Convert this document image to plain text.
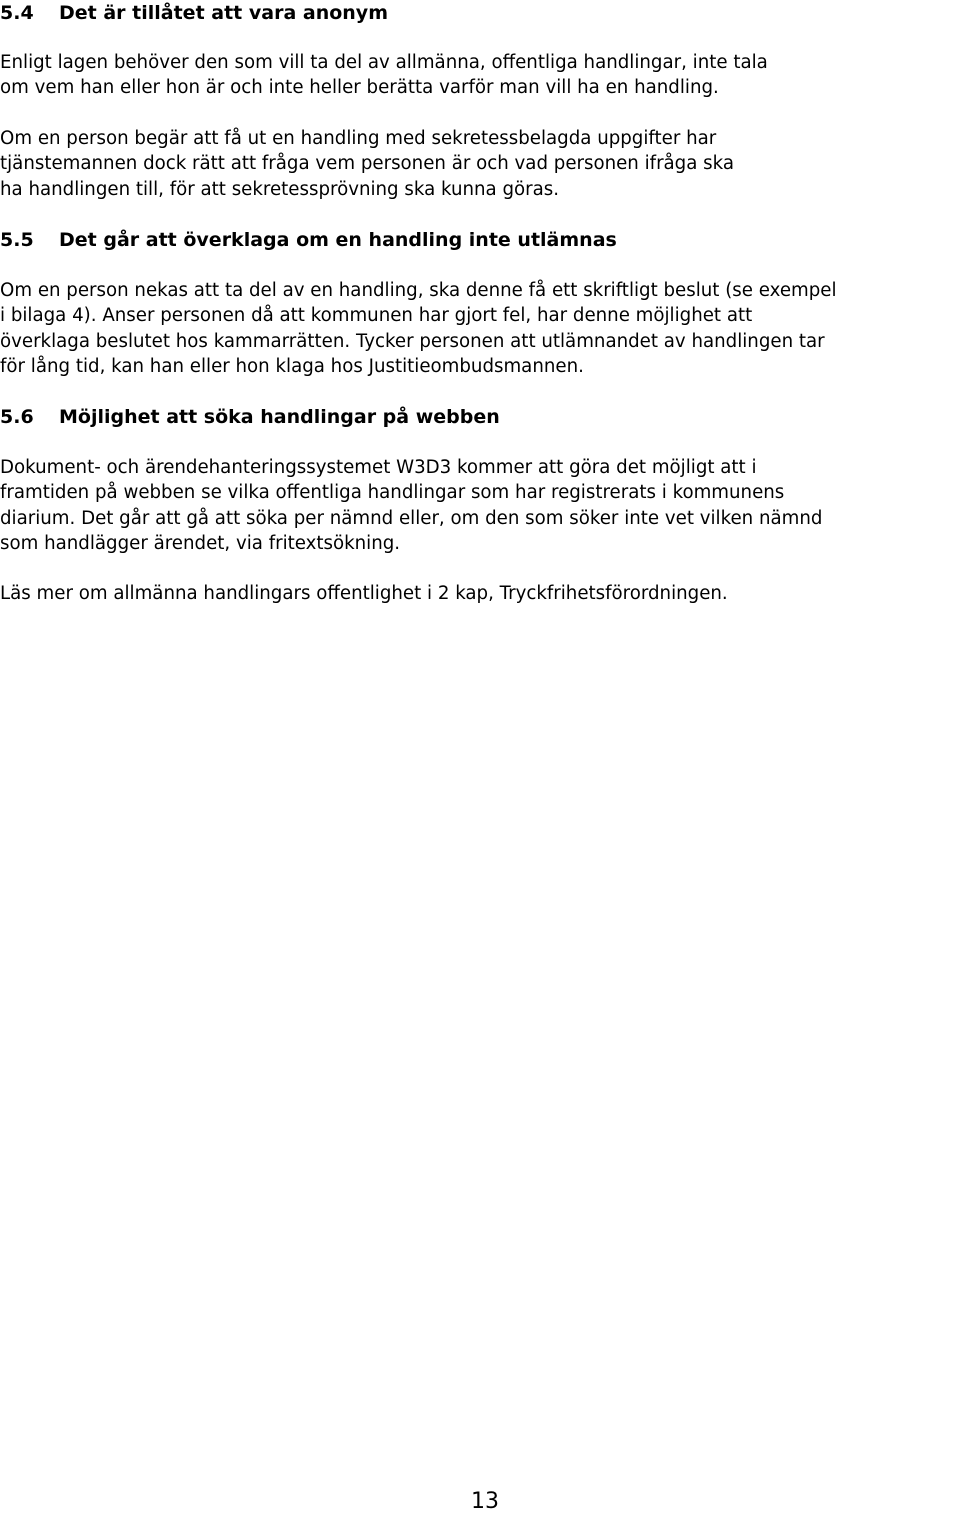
5.4	Det är tillåtet att vara anonym
Enligt lagen behöver den som vill ta del av allmänna, offentliga handlingar, inte tala
om vem han eller hon är och inte heller berätta varför man vill ha en handling.
Om en person begär att få ut en handling med sekretessbelagda uppgifter har
tjänstemannen dock rätt att fråga vem personen är och vad personen ifråga ska
ha handlingen till, för att sekretessprövning ska kunna göras.
5.5	Det går att överklaga om en handling inte utlämnas
Om en person nekas att ta del av en handling, ska denne få ett skriftligt beslut (se exempel
i bilaga 4). Anser personen då att kommunen har gjort fel, har denne möjlighet att
överklaga beslutet hos kammarrätten. Tycker personen att utlämnandet av handlingen tar
för lång tid, kan han eller hon klaga hos Justitieombudsmannen.
5.6	Möjlighet att söka handlingar på webben
Dokument- och ärendehanteringssystemet W3D3 kommer att göra det möjligt att i
framtiden på webben se vilka offentliga handlingar som har registrerats i kommunens
diarium. Det går att gå att söka per nämnd eller, om den som söker inte vet vilken nämnd
som handlägger ärendet, via fritextsökning.
Läs mer om allmänna handlingars offentlighet i 2 kap, Tryckfrihetsförordningen.
13
